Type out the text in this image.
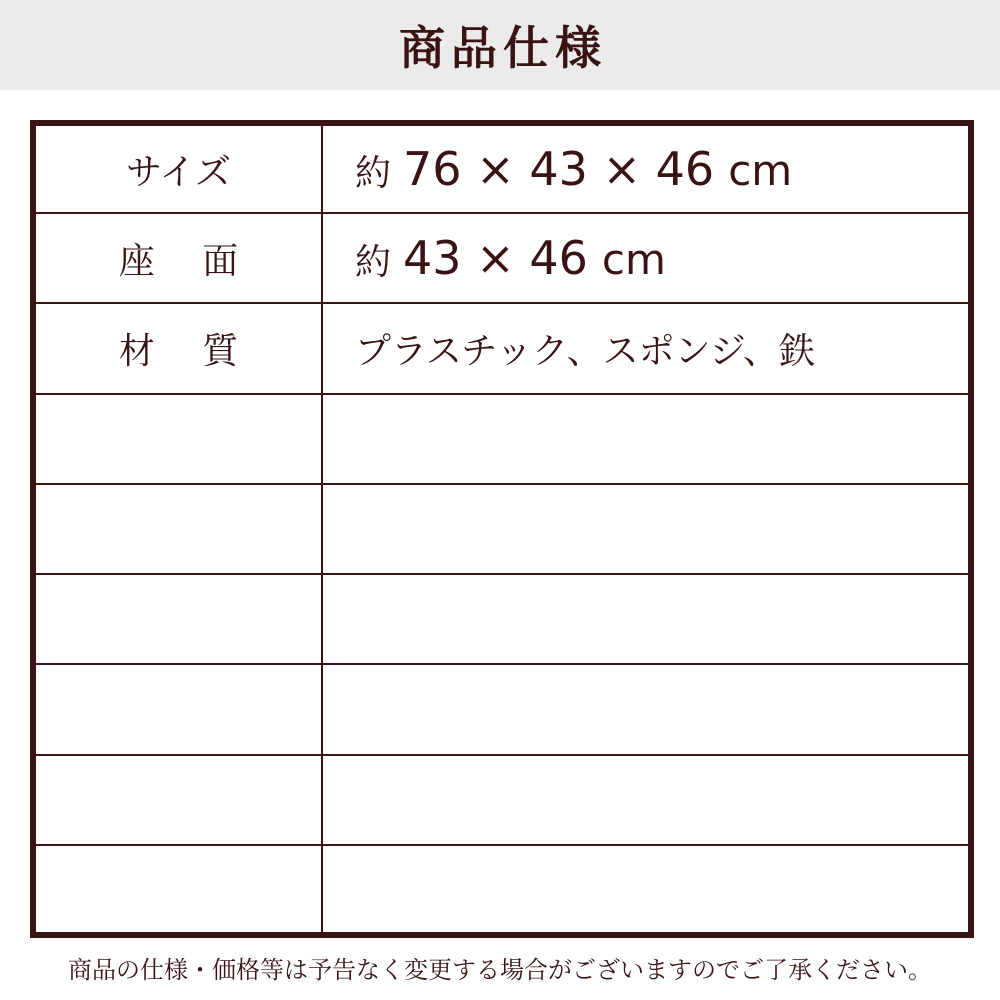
商品仕様
サイズ	約 76 × 43 × 46 cm
座　 面	約 43 × 46 cm
材　 質	プラスチック、スポンジ、鉄

商品の仕様・価格等は予告なく変更する場合がございますのでご了承ください。
